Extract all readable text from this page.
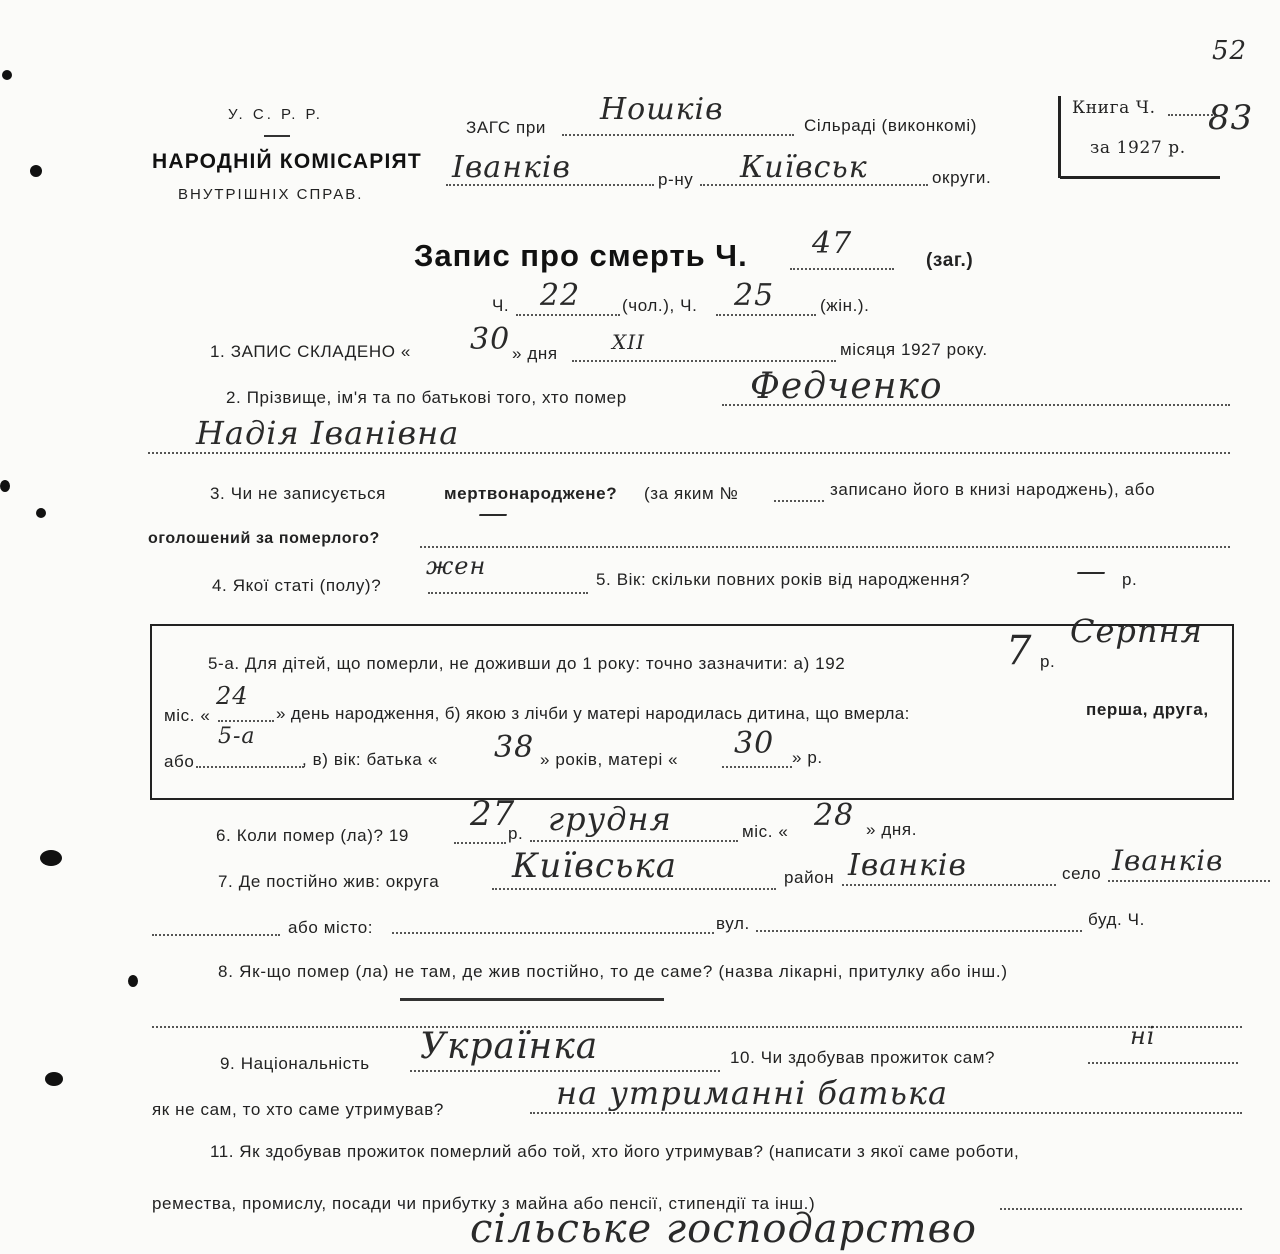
У. С. Р. Р.
НАРОДНІЙ КОМІСАРІЯТ
ВНУТРІШНІХ СПРАВ.
ЗАГС при
Ношків	Сільраді (виконкомі)
Іванків	р-ну Київськ	округи.
Книга Ч. 83
за 1927 р.
52
Запис про смерть Ч. 47	(заг.)
Ч. 22 (чол.), Ч. 25	(жін.).
1. ЗАПИС СКЛАДЕНО « 30 » дня	XII	місяця 1927 року.
2. Прізвище, ім'я та по батькові того, хто помер	Федченко
Надія Іванівна
3. Чи не записується	мертвонароджене? (за яким №	записано його в книзі народжень), або
оголошений за померлого?
—
4. Якої статі (полу)?
жен	5. Вік: скільки повних років від народження?	— р.
5-а. Для дітей, що померли, не доживши до 1 року: точно зазначити: а) 192	7 р.
Серпня
міс. «
24
» день народження, б) якою з лічби у матері народилась дитина, що вмерла:	перша, друга,
або
5-а
, в) вік: батька « 38 » років, матері « 30 » р.
6. Коли помер (ла)? 19
27
р. грудня	міс. « 28 » дня.
7. Де постійно жив: округа Київська	район Іванків	село Іванків
або місто:	вул.	буд. Ч.
8. Як-що помер (ла) не там, де жив постійно, то де саме? (назва лікарні, притулку або інш.)
9. Національність Українка	10. Чи здобував прожиток сам?
ні
як не сам, то хто саме утримував?	на утриманні батька
11. Як здобував прожиток померлий або той, хто його утримував? (написати з якої саме роботи,
ремества, промислу, посади чи прибутку з майна або пенсії, стипендії та інш.)
сільське господарство
